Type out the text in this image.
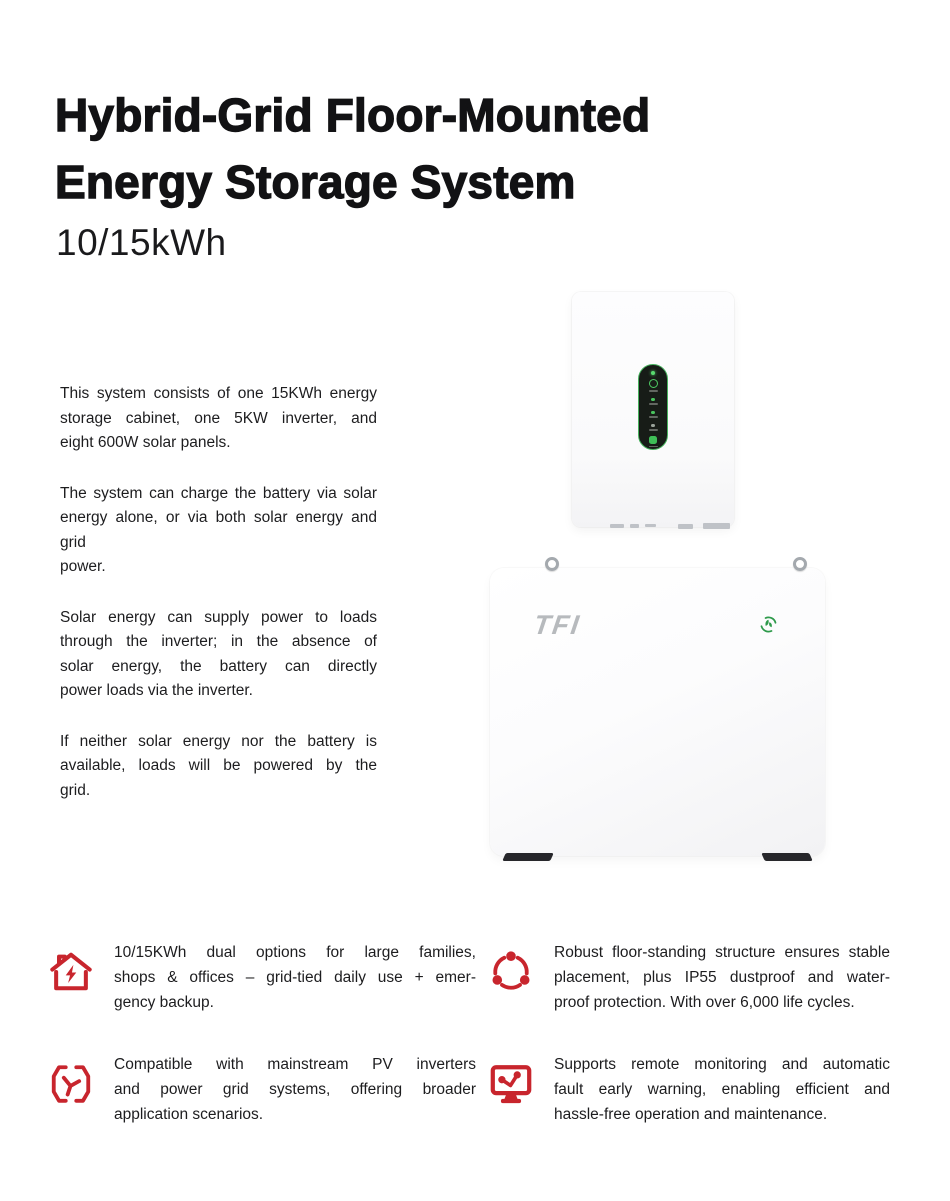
Hybrid-Grid Floor-Mounted
Energy Storage System
10/15kWh
This system consists of one 15KWh energy
storage cabinet, one 5KW inverter, and
eight 600W solar panels.
The system can charge the battery via solar
energy alone, or via both solar energy and
grid
power.
Solar energy can supply power to loads
through the inverter; in the absence of
solar energy, the battery can directly
power loads via the inverter.
If neither solar energy nor the battery is
available, loads will be powered by the
grid.
TFI
10/15KWh dual options for large families,
shops & offices – grid-tied daily use + emer-
gency backup.
Robust floor-standing structure ensures stable
placement, plus IP55 dustproof and water-
proof protection. With over 6,000 life cycles.
Compatible with mainstream PV inverters
and power grid systems, offering broader
application scenarios.
Supports remote monitoring and automatic
fault early warning, enabling efficient and
hassle-free operation and maintenance.
